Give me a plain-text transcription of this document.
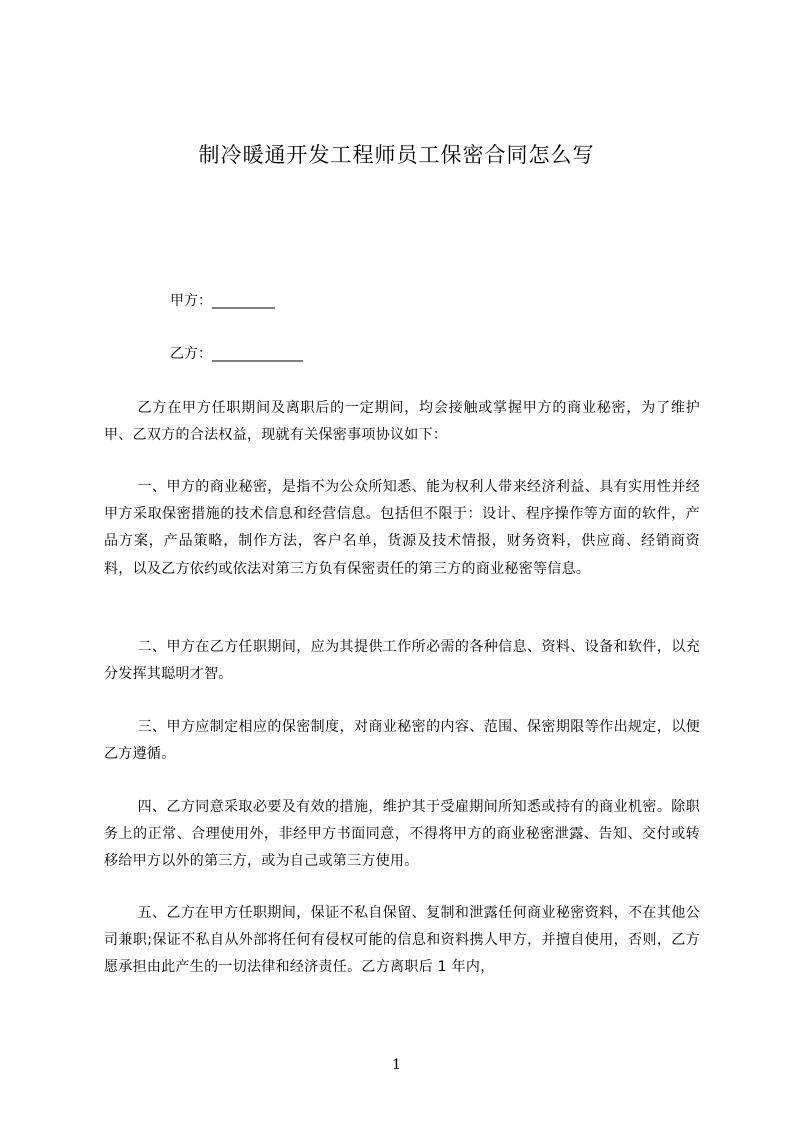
制冷暖通开发工程师员工保密合同怎么写
甲方：_________
乙方：_____________
乙方在甲方任职期间及离职后的一定期间，均会接触或掌握甲方的商业秘密，为了维护甲、乙双方的合法权益，现就有关保密事项协议如下：
一、甲方的商业秘密，是指不为公众所知悉、能为权利人带来经济利益、具有实用性并经甲方采取保密措施的技术信息和经营信息。包括但不限于：设计、程序操作等方面的软件，产品方案，产品策略，制作方法，客户名单，货源及技术情报，财务资料，供应商、经销商资料，以及乙方依约或依法对第三方负有保密责任的第三方的商业秘密等信息。
二、甲方在乙方任职期间，应为其提供工作所必需的各种信息、资料、设备和软件，以充分发挥其聪明才智。
三、甲方应制定相应的保密制度，对商业秘密的内容、范围、保密期限等作出规定，以便乙方遵循。
四、乙方同意采取必要及有效的措施，维护其于受雇期间所知悉或持有的商业机密。除职务上的正常、合理使用外，非经甲方书面同意，不得将甲方的商业秘密泄露、告知、交付或转移给甲方以外的第三方，或为自己或第三方使用。
五、乙方在甲方任职期间，保证不私自保留、复制和泄露任何商业秘密资料，不在其他公司兼职;保证不私自从外部将任何有侵权可能的信息和资料携人甲方，并擅自使用，否则，乙方愿承担由此产生的一切法律和经济责任。乙方离职后 1 年内，
1
